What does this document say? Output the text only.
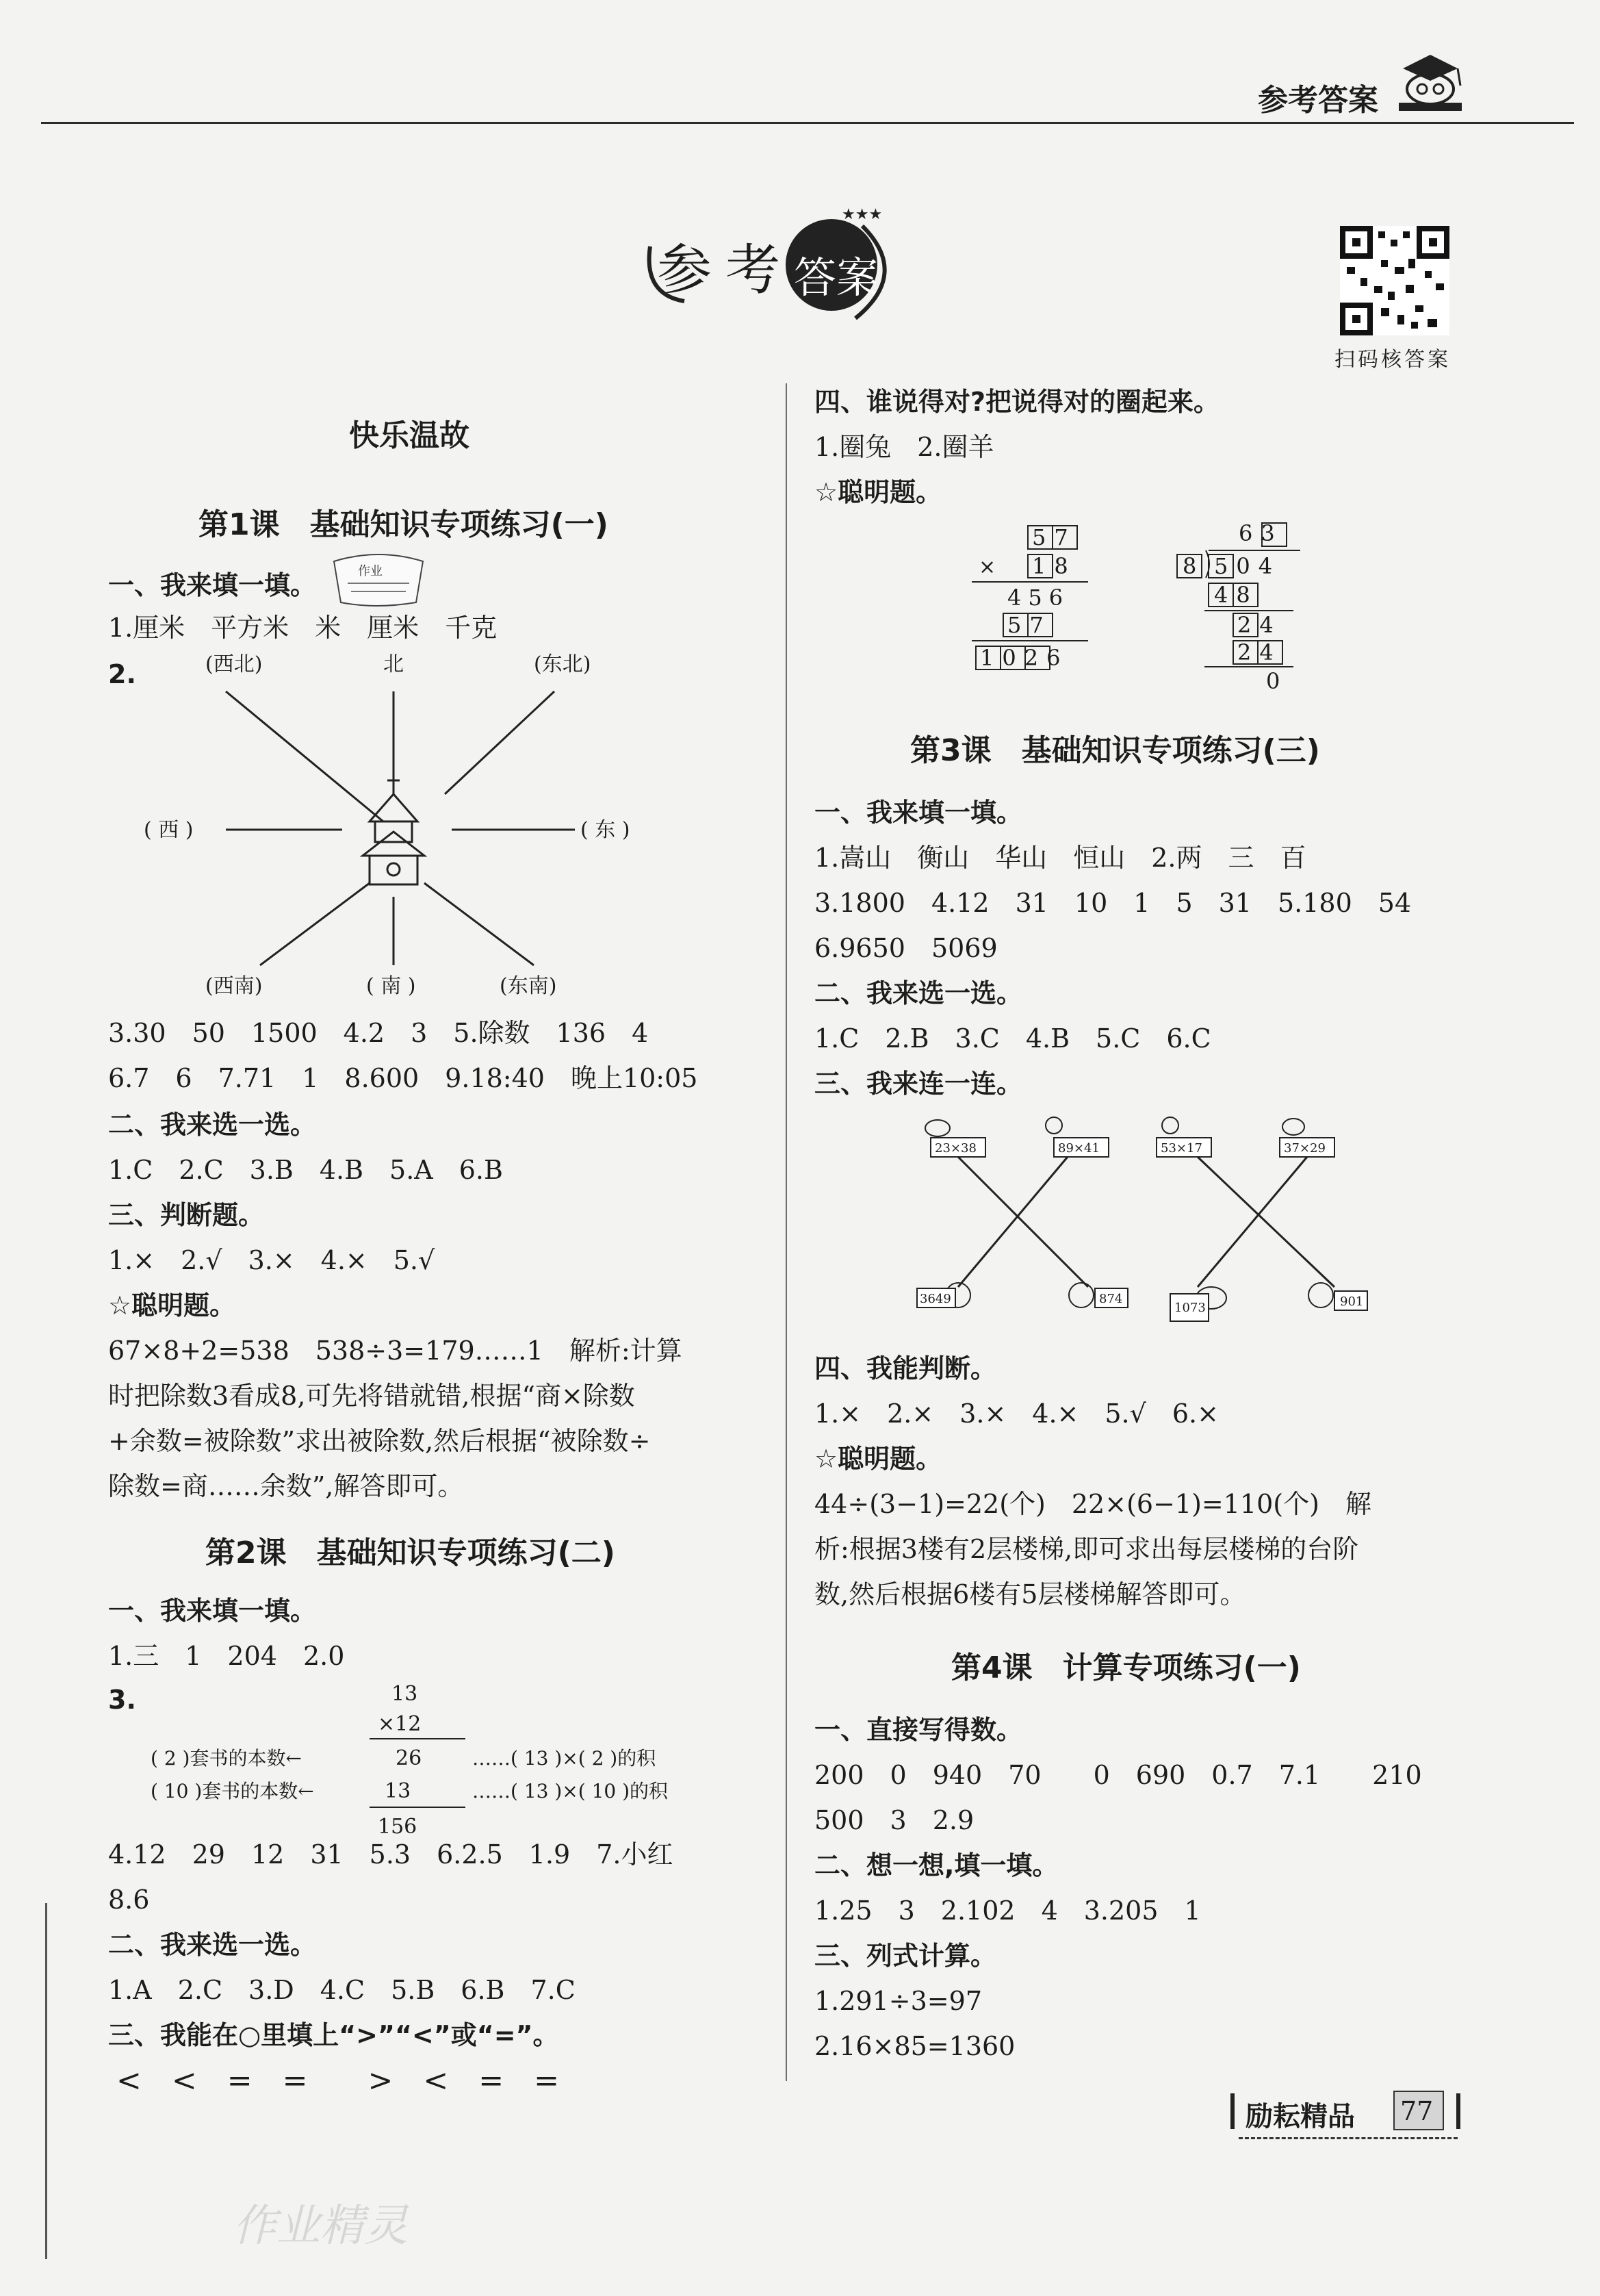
参考答案
参 考 答案
★★★
扫码核答案
快乐温故
第1课　基础知识专项练习(一)
一、我来填一填。	作业
1.厘米　平方米　米　厘米　千克
2.	(西北)	北	(东北)
( 西 )	( 东 )
(西南)	( 南 )	(东南)
3.30　50　1500　4.2　3　5.除数　136　4
6.7　6　7.71　1　8.600　9.18:40　晚上10:05
二、我来选一选。
1.C　2.C　3.B　4.B　5.A　6.B
三、判断题。
1.×　2.√　3.×　4.×　5.√
☆聪明题。
67×8+2=538　538÷3=179……1　解析:计算
时把除数3看成8,可先将错就错,根据“商×除数
+余数=被除数”求出被除数,然后根据“被除数÷
除数=商……余数”,解答即可。
第2课　基础知识专项练习(二)
一、我来填一填。
1.三　1　204　2.0
3.	13
×12
26
13
156
( 2 )套书的本数←
( 10 )套书的本数←
……( 13 )×( 2 )的积
……( 13 )×( 10 )的积
4.12　29　12　31　5.3　6.2.5　1.9　7.小红
8.6
二、我来选一选。
1.A　2.C　3.D　4.C　5.B　6.B　7.C
三、我能在○里填上“>”“<”或“=”。
<　<　=　=　　>　<　=　=
四、谁说得对?把说得对的圈起来。
1.圈兔　2.圈羊
☆聪明题。
57
× 18
456
57
1026
63
8 504
48
24
24
0
第3课　基础知识专项练习(三)
一、我来填一填。
1.嵩山　衡山　华山　恒山　2.两　三　百
3.1800　4.12　31　10　1　5　31　5.180　54
6.9650　5069
二、我来选一选。
1.C　2.B　3.C　4.B　5.C　6.C
三、我来连一连。
23×38	89×41	53×17	37×29
3649	874
1073	901
四、我能判断。
1.×　2.×　3.×　4.×　5.√　6.×
☆聪明题。
44÷(3−1)=22(个)　22×(6−1)=110(个)　解
析:根据3楼有2层楼梯,即可求出每层楼梯的台阶
数,然后根据6楼有5层楼梯解答即可。
第4课　计算专项练习(一)
一、直接写得数。
200　0　940　70　　0　690　0.7　7.1　　210
500　3　2.9
二、想一想,填一填。
1.25　3　2.102　4　3.205　1
三、列式计算。
1.291÷3=97
2.16×85=1360
励耘精品 77
作业精灵
